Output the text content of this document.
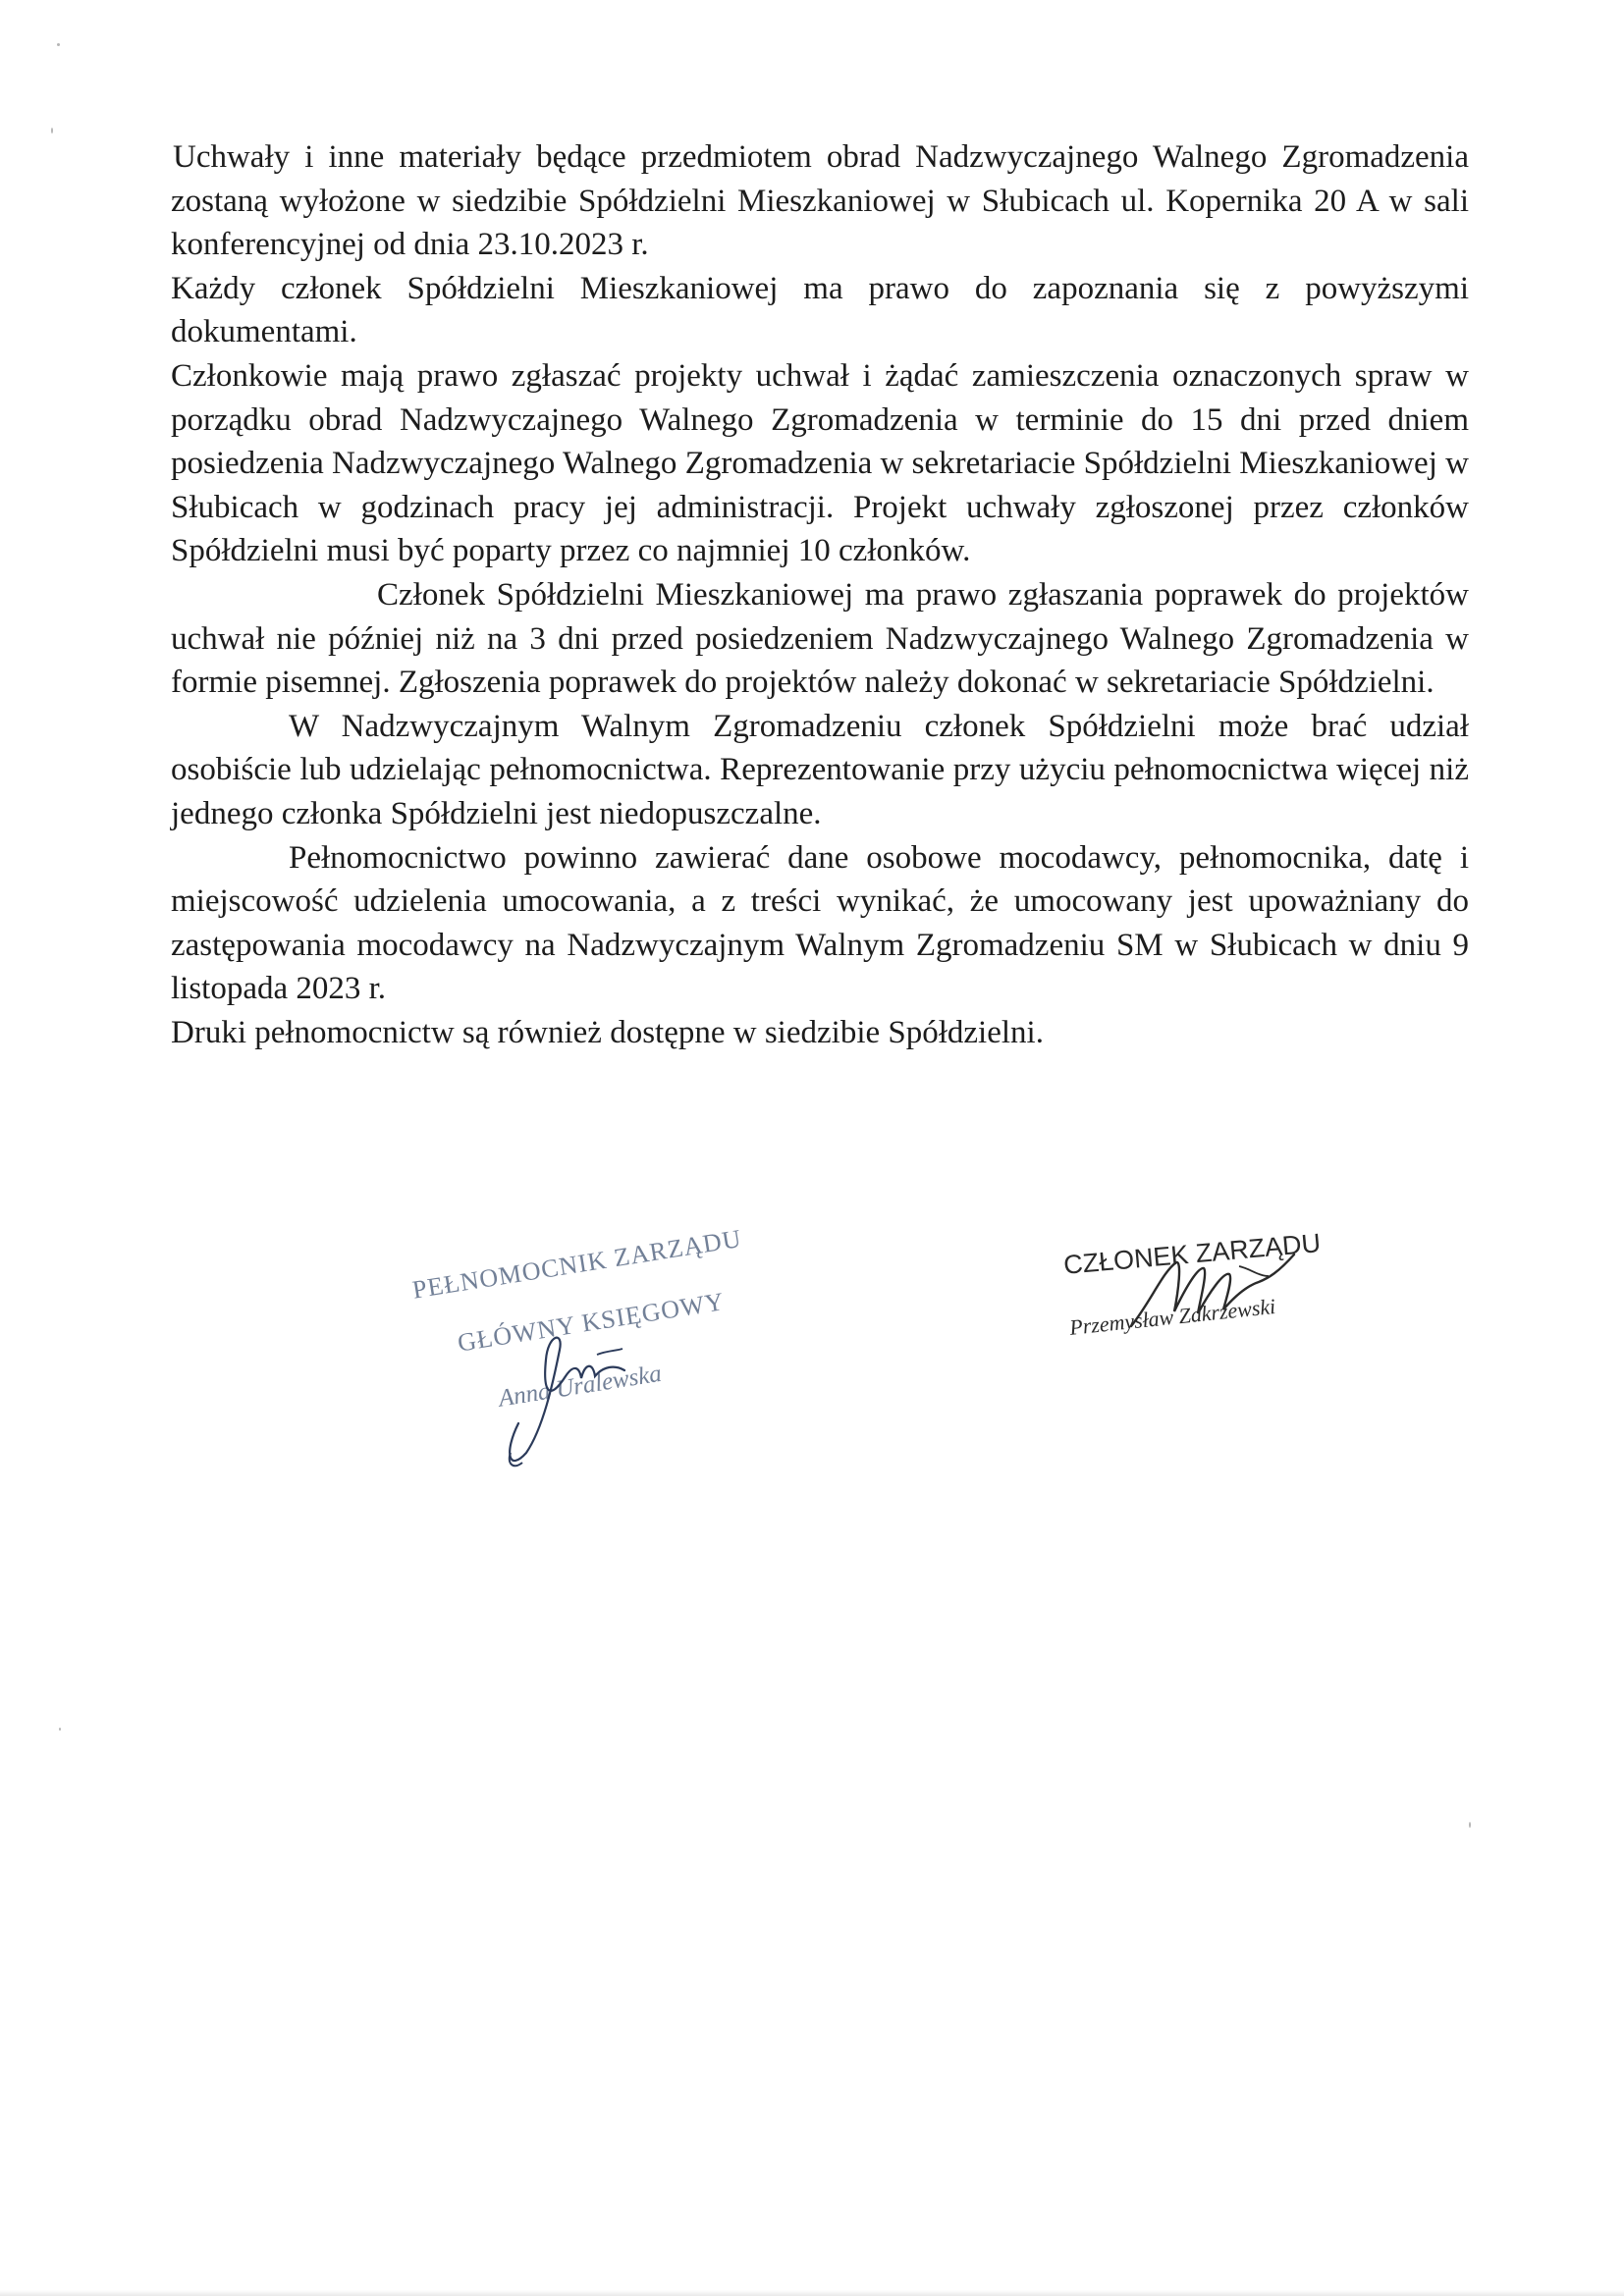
Uchwały i inne materiały będące przedmiotem obrad Nadzwyczajnego Walnego Zgromadzenia zostaną wyłożone w siedzibie Spółdzielni Mieszkaniowej w Słubicach ul. Kopernika 20 A w sali konferencyjnej od dnia 23.10.2023 r.

Każdy członek Spółdzielni Mieszkaniowej ma prawo do zapoznania się z powyższymi dokumentami.

Członkowie mają prawo zgłaszać projekty uchwał i żądać zamieszczenia oznaczonych spraw w porządku obrad Nadzwyczajnego Walnego Zgromadzenia w terminie do 15 dni przed dniem posiedzenia Nadzwyczajnego Walnego Zgromadzenia w sekretariacie Spółdzielni Mieszkaniowej w Słubicach w godzinach pracy jej administracji. Projekt uchwały zgłoszonej przez członków Spółdzielni musi być poparty przez co najmniej 10 członków.

Członek Spółdzielni Mieszkaniowej ma prawo zgłaszania poprawek do projektów uchwał nie później niż na 3 dni przed posiedzeniem Nadzwyczajnego Walnego Zgromadzenia w formie pisemnej. Zgłoszenia poprawek do projektów należy dokonać w sekretariacie Spółdzielni.

W Nadzwyczajnym Walnym Zgromadzeniu członek Spółdzielni może brać udział osobiście lub udzielając pełnomocnictwa. Reprezentowanie przy użyciu pełnomocnictwa więcej niż jednego członka Spółdzielni jest niedopuszczalne.

Pełnomocnictwo powinno zawierać dane osobowe mocodawcy, pełnomocnika, datę i miejscowość udzielenia umocowania, a z treści wynikać, że umocowany jest upoważniany do zastępowania mocodawcy na Nadzwyczajnym Walnym Zgromadzeniu SM w Słubicach w dniu 9 listopada 2023 r.

Druki pełnomocnictw są również dostępne w siedzibie Spółdzielni.

PEŁNOMOCNIK ZARZĄDU
GŁÓWNY KSIĘGOWY
Anna Uralewska
CZŁONEK ZARZĄDU
Przemysław Zakrzewski
